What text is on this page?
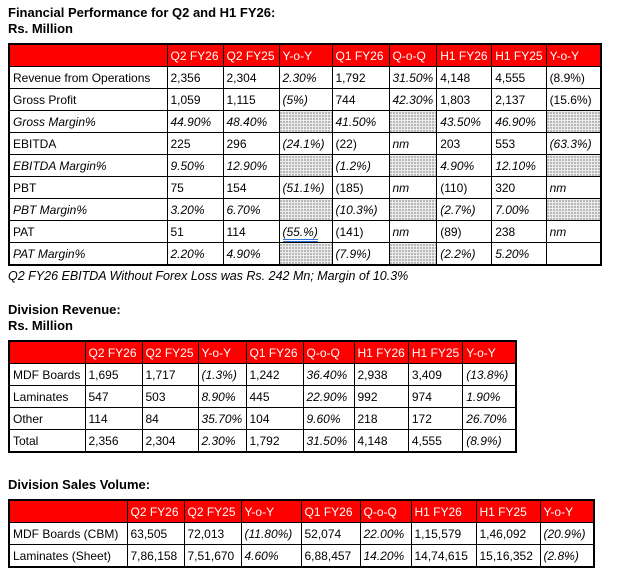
Financial Performance for Q2 and H1 FY26:

Rs. Million

	Q2 FY26	Q2 FY25	Y-o-Y	Q1 FY26	Q-o-Q	H1 FY26	H1 FY25	Y-o-Y
Revenue from Operations	2,356	2,304	2.30%	1,792	31.50%	4,148	4,555	(8.9%)
Gross Profit	1,059	1,115	(5%)	744	42.30%	1,803	2,137	(15.6%)
Gross Margin%	44.90%	48.40%		41.50%		43.50%	46.90%	
EBITDA	225	296	(24.1%)	(22)	nm	203	553	(63.3%)
EBITDA Margin%	9.50%	12.90%		(1.2%)		4.90%	12.10%	
PBT	75	154	(51.1%)	(185)	nm	(110)	320	nm
PBT Margin%	3.20%	6.70%		(10.3%)		(2.7%)	7.00%	
PAT	51	114	(55.%)	(141)	nm	(89)	238	nm
PAT Margin%	2.20%	4.90%		(7.9%)		(2.2%)	5.20%	

Q2 FY26 EBITDA Without Forex Loss was Rs. 242 Mn; Margin of 10.3%

Division Revenue:

Rs. Million

	Q2 FY26	Q2 FY25	Y-o-Y	Q1 FY26	Q-o-Q	H1 FY26	H1 FY25	Y-o-Y
MDF Boards	1,695	1,717	(1.3%)	1,242	36.40%	2,938	3,409	(13.8%)
Laminates	547	503	8.90%	445	22.90%	992	974	1.90%
Other	114	84	35.70%	104	9.60%	218	172	26.70%
Total	2,356	2,304	2.30%	1,792	31.50%	4,148	4,555	(8.9%)

Division Sales Volume:

	Q2 FY26	Q2 FY25	Y-o-Y	Q1 FY26	Q-o-Q	H1 FY26	H1 FY25	Y-o-Y
MDF Boards (CBM)	63,505	72,013	(11.80%)	52,074	22.00%	1,15,579	1,46,092	(20.9%)
Laminates (Sheet)	7,86,158	7,51,670	4.60%	6,88,457	14.20%	14,74,615	15,16,352	(2.8%)
